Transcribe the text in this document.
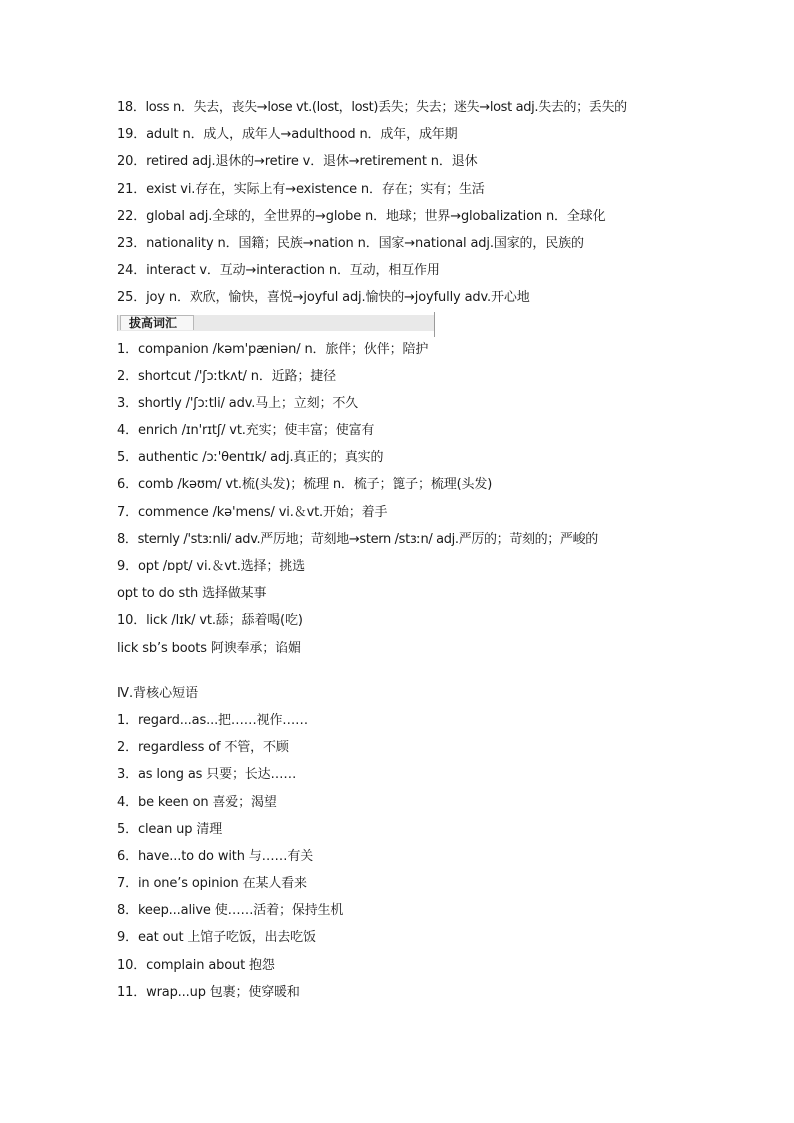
18．loss n．失去，丧失→lose vt.(lost，lost)丢失；失去；迷失→lost adj.失去的；丢失的
19．adult n．成人，成年人→adulthood n．成年，成年期
20．retired adj.退休的→retire v．退休→retirement n．退休
21．exist vi.存在，实际上有→existence n．存在；实有；生活
22．global adj.全球的，全世界的→globe n．地球；世界→globalization n．全球化
23．nationality n．国籍；民族→nation n．国家→national adj.国家的，民族的
24．interact v．互动→interaction n．互动，相互作用
25．joy n．欢欣，愉快，喜悦→joyful adj.愉快的→joyfully adv.开心地
拔高词汇
1．companion /kəm'pæniən/ n．旅伴；伙伴；陪护
2．shortcut /'ʃɔːtkʌt/ n．近路；捷径
3．shortly /'ʃɔːtli/ adv.马上；立刻；不久
4．enrich /ɪn'rɪtʃ/ vt.充实；使丰富；使富有
5．authentic /ɔː'θentɪk/ adj.真正的；真实的
6．comb /kəʊm/ vt.梳(头发)；梳理 n．梳子；篦子；梳理(头发)
7．commence /kə'mens/ vi.＆vt.开始；着手
8．sternly /'stɜːnli/ adv.严厉地；苛刻地→stern /stɜːn/ adj.严厉的；苛刻的；严峻的
9．opt /ɒpt/ vi.＆vt.选择；挑选
opt to do sth 选择做某事
10．lick /lɪk/ vt.舔；舔着喝(吃)
lick sb’s boots 阿谀奉承；谄媚
Ⅳ.背核心短语
1．regard...as...把……视作……
2．regardless of 不管，不顾
3．as long as 只要；长达……
4．be keen on 喜爱；渴望
5．clean up 清理
6．have...to do with 与……有关
7．in one’s opinion 在某人看来
8．keep...alive 使……活着；保持生机
9．eat out 上馆子吃饭，出去吃饭
10．complain about 抱怨
11．wrap...up 包裹；使穿暖和
